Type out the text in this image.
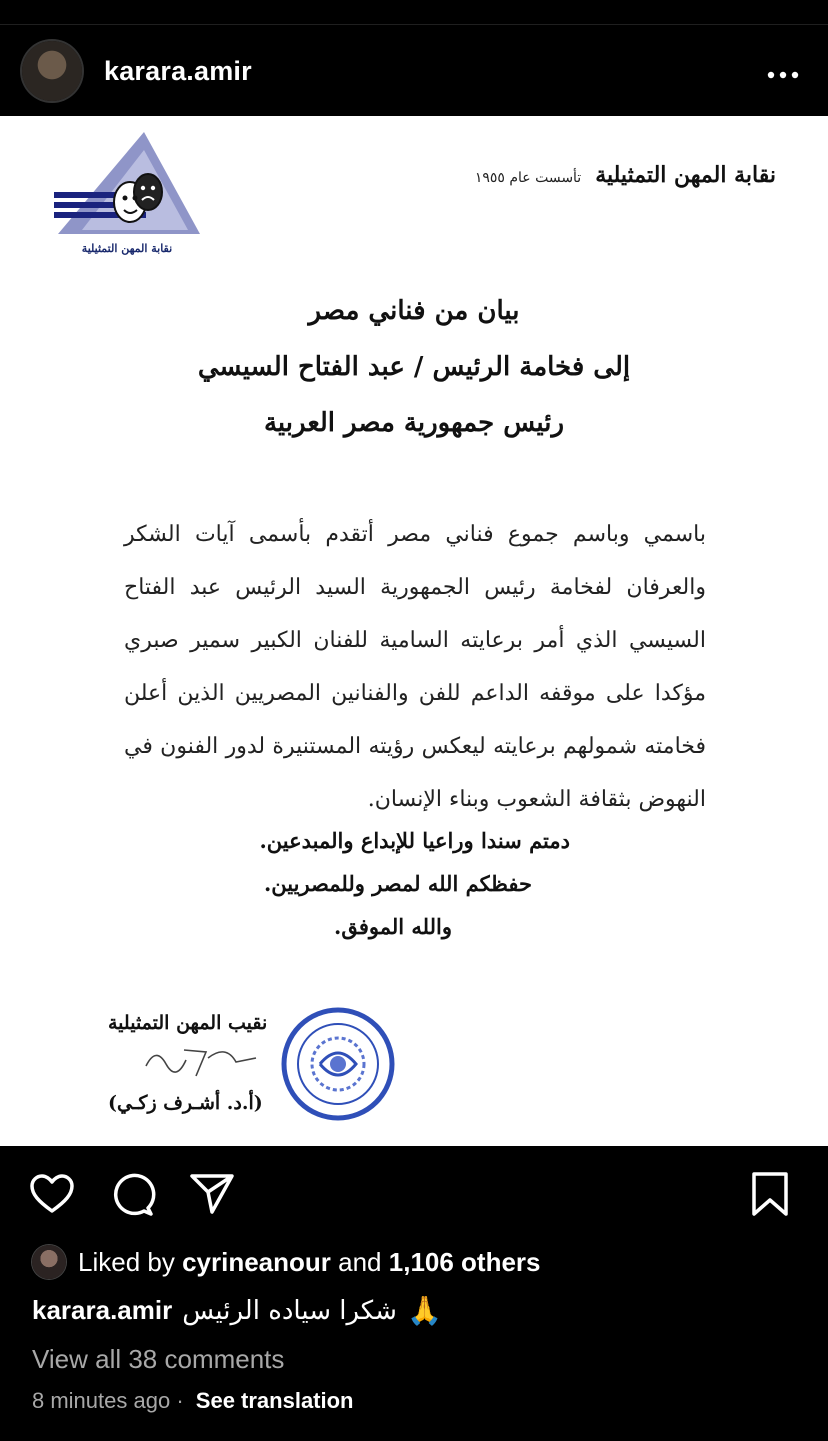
karara.amir
نقابة المهن التمثيلية
نقابة المهن التمثيلية
تأسست عام ١٩٥٥
بيان من فناني مصر
إلى فخامة الرئيس / عبد الفتاح السيسي
رئيس جمهورية مصر العربية
باسمي وباسم جموع فناني مصر أتقدم بأسمى آيات الشكر والعرفان لفخامة رئيس الجمهورية السيد الرئيس عبد الفتاح السيسي الذي أمر برعايته السامية للفنان الكبير سمير صبري مؤكدا على موقفه الداعم للفن والفنانين المصريين الذين أعلن فخامته شمولهم برعايته ليعكس رؤيته المستنيرة لدور الفنون في النهوض بثقافة الشعوب وبناء الإنسان.
دمتم سندا وراعيا للإبداع والمبدعين.
حفظكم الله لمصر وللمصريين.
والله الموفق.
نقيب المهن التمثيلية
(أ.د. أشـرف زكـي)
Liked by
cyrineanour
and
1,106 others
karara.amir شكرا سياده الرئيس 🙏
View all 38 comments
8 minutes ago · See translation
